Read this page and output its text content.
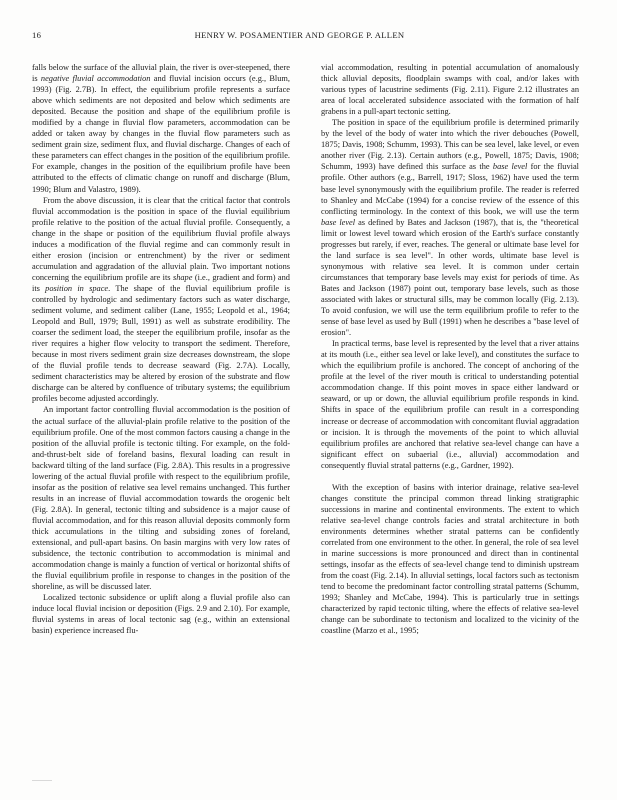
16	HENRY W. POSAMENTIER AND GEORGE P. ALLEN

falls below the surface of the alluvial plain, the river is over-steepened, there is negative fluvial accommodation and fluvial incision occurs (e.g., Blum, 1993) (Fig. 2.7B). In effect, the equilibrium profile represents a surface above which sediments are not deposited and below which sediments are deposited. Because the position and shape of the equilibrium profile is modified by a change in fluvial flow parameters, accommodation can be added or taken away by changes in the fluvial flow parameters such as sediment grain size, sediment flux, and fluvial discharge. Changes of each of these parameters can effect changes in the position of the equilibrium profile. For example, changes in the position of the equilibrium profile have been attributed to the effects of climatic change on runoff and discharge (Blum, 1990; Blum and Valastro, 1989).

From the above discussion, it is clear that the critical factor that controls fluvial accommodation is the position in space of the fluvial equilibrium profile relative to the position of the actual fluvial profile. Consequently, a change in the shape or position of the equilibrium fluvial profile always induces a modification of the fluvial regime and can commonly result in either erosion (incision or entrenchment) by the river or sediment accumulation and aggradation of the alluvial plain. Two important notions concerning the equilibrium profile are its shape (i.e., gradient and form) and its position in space. The shape of the fluvial equilibrium profile is controlled by hydrologic and sedimentary factors such as water discharge, sediment volume, and sediment caliber (Lane, 1955; Leopold et al., 1964; Leopold and Bull, 1979; Bull, 1991) as well as substrate erodibility. The coarser the sediment load, the steeper the equilibrium profile, insofar as the river requires a higher flow velocity to transport the sediment. Therefore, because in most rivers sediment grain size decreases downstream, the slope of the fluvial profile tends to decrease seaward (Fig. 2.7A). Locally, sediment characteristics may be altered by erosion of the substrate and flow discharge can be altered by confluence of tributary systems; the equilibrium profiles become adjusted accordingly.

An important factor controlling fluvial accommodation is the position of the actual surface of the alluvial-plain profile relative to the position of the equilibrium profile. One of the most common factors causing a change in the position of the alluvial profile is tectonic tilting. For example, on the fold-and-thrust-belt side of foreland basins, flexural loading can result in backward tilting of the land surface (Fig. 2.8A). This results in a progressive lowering of the actual fluvial profile with respect to the equilibrium profile, insofar as the position of relative sea level remains unchanged. This further results in an increase of fluvial accommodation towards the orogenic belt (Fig. 2.8A). In general, tectonic tilting and subsidence is a major cause of fluvial accommodation, and for this reason alluvial deposits commonly form thick accumulations in the tilting and subsiding zones of foreland, extensional, and pull-apart basins. On basin margins with very low rates of subsidence, the tectonic contribution to accommodation is minimal and accommodation change is mainly a function of vertical or horizontal shifts of the fluvial equilibrium profile in response to changes in the position of the shoreline, as will be discussed later.

Localized tectonic subsidence or uplift along a fluvial profile also can induce local fluvial incision or deposition (Figs. 2.9 and 2.10). For example, fluvial systems in areas of local tectonic sag (e.g., within an extensional basin) experience increased flu-

vial accommodation, resulting in potential accumulation of anomalously thick alluvial deposits, floodplain swamps with coal, and/or lakes with various types of lacustrine sediments (Fig. 2.11). Figure 2.12 illustrates an area of local accelerated subsidence associated with the formation of half grabens in a pull-apart tectonic setting.

The position in space of the equilibrium profile is determined primarily by the level of the body of water into which the river debouches (Powell, 1875; Davis, 1908; Schumm, 1993). This can be sea level, lake level, or even another river (Fig. 2.13). Certain authors (e.g., Powell, 1875; Davis, 1908; Schumm, 1993) have defined this surface as the base level for the fluvial profile. Other authors (e.g., Barrell, 1917; Sloss, 1962) have used the term base level synonymously with the equilibrium profile. The reader is referred to Shanley and McCabe (1994) for a concise review of the essence of this conflicting terminology. In the context of this book, we will use the term base level as defined by Bates and Jackson (1987), that is, the "theoretical limit or lowest level toward which erosion of the Earth's surface constantly progresses but rarely, if ever, reaches. The general or ultimate base level for the land surface is sea level". In other words, ultimate base level is synonymous with relative sea level. It is common under certain circumstances that temporary base levels may exist for periods of time. As Bates and Jackson (1987) point out, temporary base levels, such as those associated with lakes or structural sills, may be common locally (Fig. 2.13). To avoid confusion, we will use the term equilibrium profile to refer to the sense of base level as used by Bull (1991) when he describes a "base level of erosion".

In practical terms, base level is represented by the level that a river attains at its mouth (i.e., either sea level or lake level), and constitutes the surface to which the equilibrium profile is anchored. The concept of anchoring of the profile at the level of the river mouth is critical to understanding potential accommodation change. If this point moves in space either landward or seaward, or up or down, the alluvial equilibrium profile responds in kind. Shifts in space of the equilibrium profile can result in a corresponding increase or decrease of accommodation with concomitant fluvial aggradation or incision. It is through the movements of the point to which alluvial equilibrium profiles are anchored that relative sea-level change can have a significant effect on subaerial (i.e., alluvial) accommodation and consequently fluvial stratal patterns (e.g., Gardner, 1992).

With the exception of basins with interior drainage, relative sea-level changes constitute the principal common thread linking stratigraphic successions in marine and continental environments. The extent to which relative sea-level change controls facies and stratal architecture in both environments determines whether stratal patterns can be confidently correlated from one environment to the other. In general, the role of sea level in marine successions is more pronounced and direct than in continental settings, insofar as the effects of sea-level change tend to diminish upstream from the coast (Fig. 2.14). In alluvial settings, local factors such as tectonism tend to become the predominant factor controlling stratal patterns (Schumm, 1993; Shanley and McCabe, 1994). This is particularly true in settings characterized by rapid tectonic tilting, where the effects of relative sea-level change can be subordinate to tectonism and localized to the vicinity of the coastline (Marzo et al., 1995;
